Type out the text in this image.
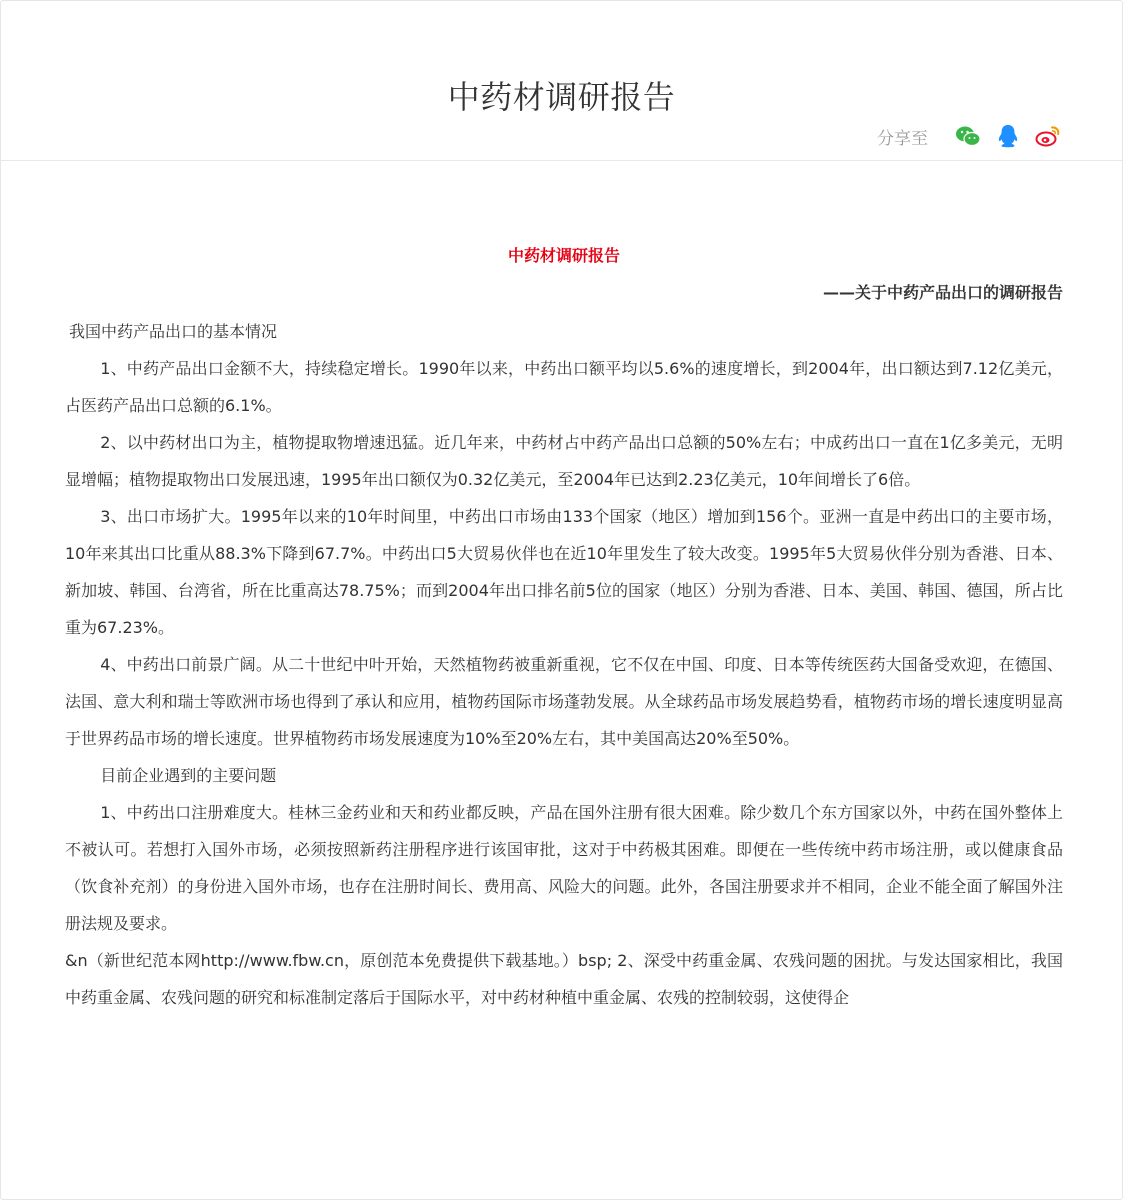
中药材调研报告
分享至

中药材调研报告

——关于中药产品出口的调研报告

我国中药产品出口的基本情况

1、中药产品出口金额不大，持续稳定增长。1990年以来，中药出口额平均以5.6%的速度增长，到2004年，出口额达到7.12亿美元，占医药产品出口总额的6.1%。

2、以中药材出口为主，植物提取物增速迅猛。近几年来，中药材占中药产品出口总额的50%左右；中成药出口一直在1亿多美元，无明显增幅；植物提取物出口发展迅速，1995年出口额仅为0.32亿美元，至2004年已达到2.23亿美元，10年间增长了6倍。

3、出口市场扩大。1995年以来的10年时间里，中药出口市场由133个国家（地区）增加到156个。亚洲一直是中药出口的主要市场，10年来其出口比重从88.3%下降到67.7%。中药出口5大贸易伙伴也在近10年里发生了较大改变。1995年5大贸易伙伴分别为香港、日本、新加坡、韩国、台湾省，所在比重高达78.75%；而到2004年出口排名前5位的国家（地区）分别为香港、日本、美国、韩国、德国，所占比重为67.23%。

4、中药出口前景广阔。从二十世纪中叶开始，天然植物药被重新重视，它不仅在中国、印度、日本等传统医药大国备受欢迎，在德国、法国、意大利和瑞士等欧洲市场也得到了承认和应用，植物药国际市场蓬勃发展。从全球药品市场发展趋势看，植物药市场的增长速度明显高于世界药品市场的增长速度。世界植物药市场发展速度为10%至20%左右，其中美国高达20%至50%。

目前企业遇到的主要问题

1、中药出口注册难度大。桂林三金药业和天和药业都反映，产品在国外注册有很大困难。除少数几个东方国家以外，中药在国外整体上不被认可。若想打入国外市场，必须按照新药注册程序进行该国审批，这对于中药极其困难。即便在一些传统中药市场注册，或以健康食品（饮食补充剂）的身份进入国外市场，也存在注册时间长、费用高、风险大的问题。此外，各国注册要求并不相同，企业不能全面了解国外注册法规及要求。

&n（新世纪范本网http://www.fbw.cn，原创范本免费提供下载基地。）bsp; 2、深受中药重金属、农残问题的困扰。与发达国家相比，我国中药重金属、农残问题的研究和标准制定落后于国际水平，对中药材种植中重金属、农残的控制较弱，这使得企
